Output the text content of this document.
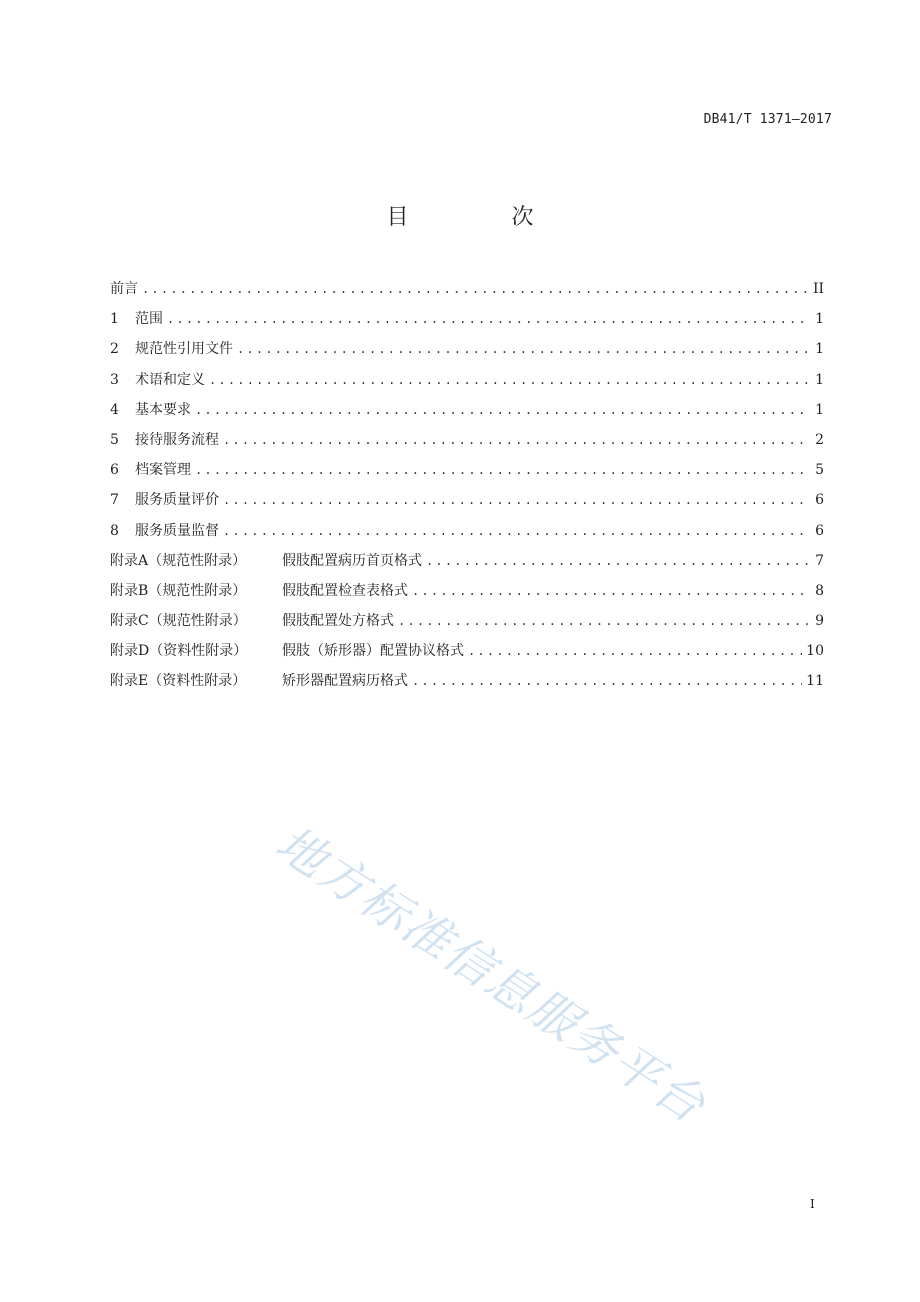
DB41/T 1371—2017
目 次
前言 .....	II
1	范围 .....	1
2	规范性引用文件 .....	1
3	术语和定义 .....	1
4	基本要求 .....	1
5	接待服务流程 .....	2
6	档案管理 .....	5
7	服务质量评价 .....	6
8	服务质量监督 .....	6
附录A（规范性附录）	假肢配置病历首页格式 .....	7
附录B（规范性附录）	假肢配置检查表格式 .....	8
附录C（规范性附录）	假肢配置处方格式 .....	9
附录D（资料性附录）	假肢（矫形器）配置协议格式 .....	10
附录E（资料性附录）	矫形器配置病历格式 .....	11
地方标准信息服务平台
I
